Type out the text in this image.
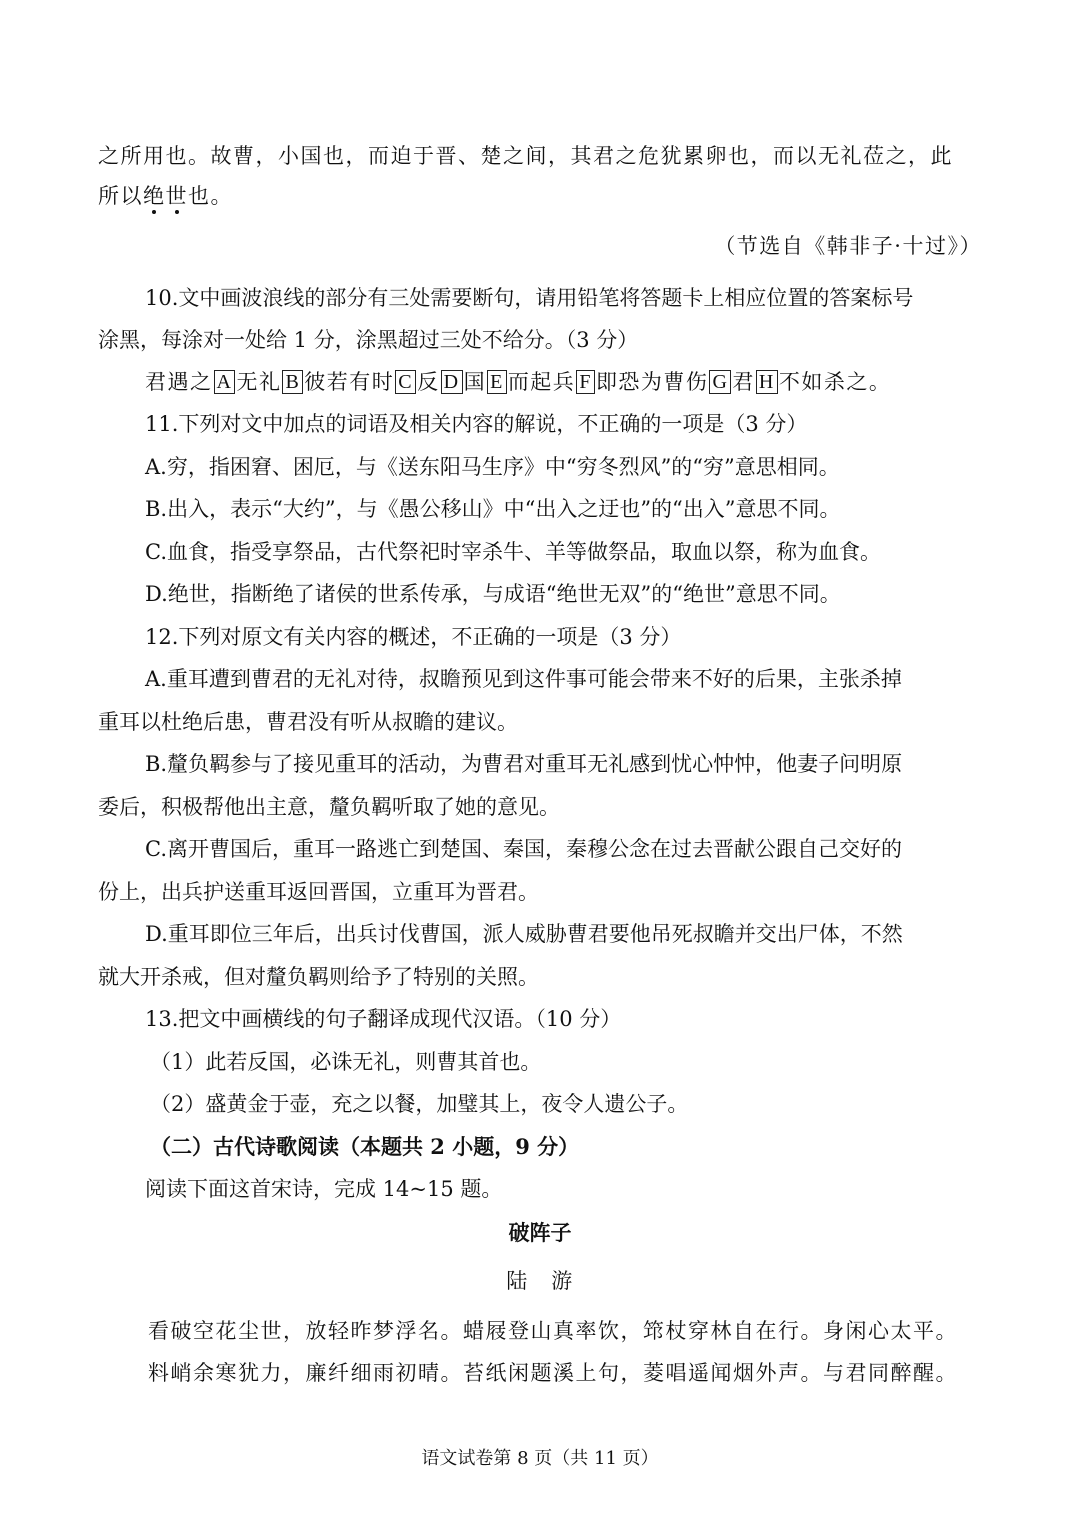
之所用也。故曹，小国也，而迫于晋、楚之间，其君之危犹累卵也，而以无礼莅之，此
所以绝世也。
（节选自《韩非子·十过》）
10.文中画波浪线的部分有三处需要断句，请用铅笔将答题卡上相应位置的答案标号
涂黑，每涂对一处给 1 分，涂黑超过三处不给分。（3 分）
君遇之 A 无礼 B 彼若有时 C 反 D 国 E 而起兵 F 即恐为曹伤 G 君 H 不如杀之。
11.下列对文中加点的词语及相关内容的解说，不正确的一项是（3 分）
A.穷，指困窘、困厄，与《送东阳马生序》中“穷冬烈风”的“穷”意思相同。
B.出入，表示“大约”，与《愚公移山》中“出入之迂也”的“出入”意思不同。
C.血食，指受享祭品，古代祭祀时宰杀牛、羊等做祭品，取血以祭，称为血食。
D.绝世，指断绝了诸侯的世系传承，与成语“绝世无双”的“绝世”意思不同。
12.下列对原文有关内容的概述，不正确的一项是（3 分）
A.重耳遭到曹君的无礼对待，叔瞻预见到这件事可能会带来不好的后果，主张杀掉
重耳以杜绝后患，曹君没有听从叔瞻的建议。
B.釐负羁参与了接见重耳的活动，为曹君对重耳无礼感到忧心忡忡，他妻子问明原
委后，积极帮他出主意，釐负羁听取了她的意见。
C.离开曹国后，重耳一路逃亡到楚国、秦国，秦穆公念在过去晋献公跟自己交好的
份上，出兵护送重耳返回晋国，立重耳为晋君。
D.重耳即位三年后，出兵讨伐曹国，派人威胁曹君要他吊死叔瞻并交出尸体，不然
就大开杀戒，但对釐负羁则给予了特别的关照。
13.把文中画横线的句子翻译成现代汉语。（10 分）
（1）此若反国，必诛无礼，则曹其首也。
（2）盛黄金于壶，充之以餐，加璧其上，夜令人遗公子。
（二）古代诗歌阅读（本题共 2 小题，9 分）
阅读下面这首宋诗，完成 14~15 题。
破阵子
陆　游
看破空花尘世，放轻昨梦浮名。蜡屐登山真率饮，筇杖穿林自在行。身闲心太平。
料峭余寒犹力，廉纤细雨初晴。苔纸闲题溪上句，菱唱遥闻烟外声。与君同醉醒。
语文试卷第 8 页（共 11 页）
